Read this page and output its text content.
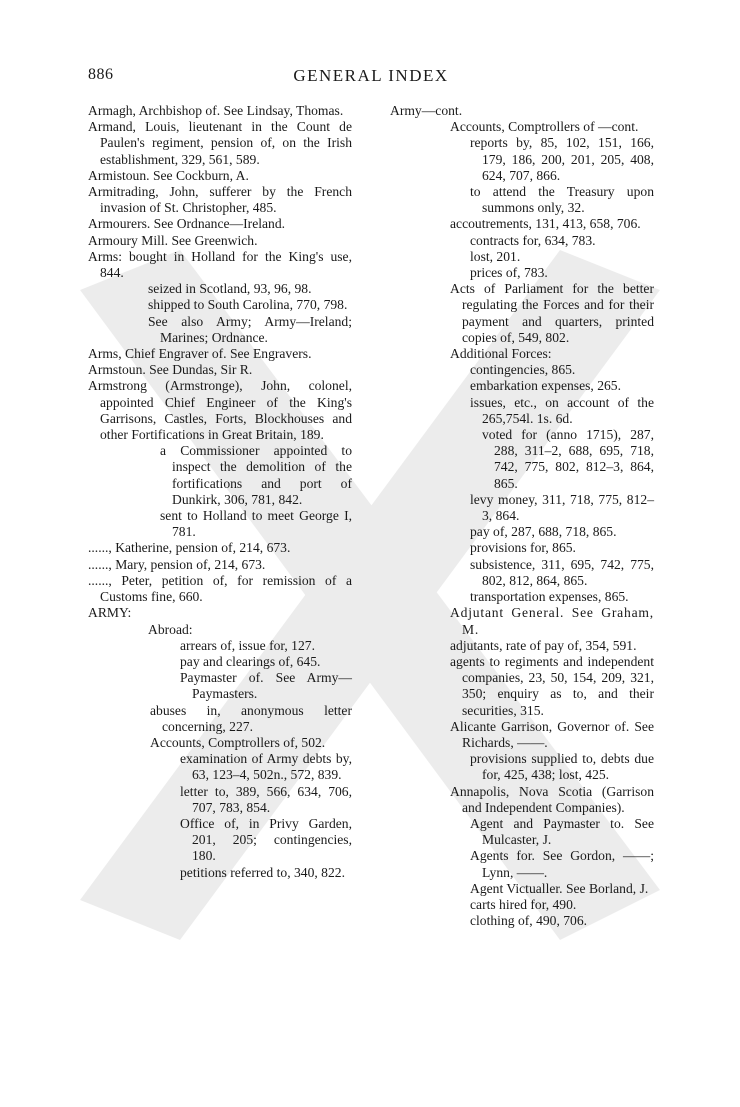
886	GENERAL INDEX

Armagh, Archbishop of. See Lindsay, Thomas.

Armand, Louis, lieutenant in the Count de Paulen's regiment, pension of, on the Irish establishment, 329, 561, 589.

Armistoun. See Cockburn, A.

Armitrading, John, sufferer by the French invasion of St. Christopher, 485.

Armourers. See Ordnance—Ireland.

Armoury Mill. See Greenwich.

Arms: bought in Holland for the King's use, 844.

seized in Scotland, 93, 96, 98.

shipped to South Carolina, 770, 798.

See also Army; Army—Ireland; Marines; Ordnance.

Arms, Chief Engraver of. See Engravers.

Armstoun. See Dundas, Sir R.

Armstrong (Armstronge), John, colonel, appointed Chief Engineer of the King's Garrisons, Castles, Forts, Blockhouses and other Fortifications in Great Britain, 189.

a Commissioner appointed to inspect the demolition of the fortifications and port of Dunkirk, 306, 781, 842.

sent to Holland to meet George I, 781.

......, Katherine, pension of, 214, 673.

......, Mary, pension of, 214, 673.

......, Peter, petition of, for remission of a Customs fine, 660.

ARMY:

Abroad:

arrears of, issue for, 127.

pay and clearings of, 645.

Paymaster of. See Army—Paymasters.

abuses in, anonymous letter concerning, 227.

Accounts, Comptrollers of, 502.

examination of Army debts by, 63, 123–4, 502n., 572, 839.

letter to, 389, 566, 634, 706, 707, 783, 854.

Office of, in Privy Garden, 201, 205; contingencies, 180.

petitions referred to, 340, 822.

Army—cont.

Accounts, Comptrollers of —cont.

reports by, 85, 102, 151, 166, 179, 186, 200, 201, 205, 408, 624, 707, 866.

to attend the Treasury upon summons only, 32.

accoutrements, 131, 413, 658, 706.

contracts for, 634, 783.

lost, 201.

prices of, 783.

Acts of Parliament for the better regulating the Forces and for their payment and quarters, printed copies of, 549, 802.

Additional Forces:

contingencies, 865.

embarkation expenses, 265.

issues, etc., on account of the 265,754l. 1s. 6d.

voted for (anno 1715), 287, 288, 311–2, 688, 695, 718, 742, 775, 802, 812–3, 864, 865.

levy money, 311, 718, 775, 812–3, 864.

pay of, 287, 688, 718, 865.

provisions for, 865.

subsistence, 311, 695, 742, 775, 802, 812, 864, 865.

transportation expenses, 865.

Adjutant General. See Graham, M.

adjutants, rate of pay of, 354, 591.

agents to regiments and independent companies, 23, 50, 154, 209, 321, 350; enquiry as to, and their securities, 315.

Alicante Garrison, Governor of. See Richards, ——.

provisions supplied to, debts due for, 425, 438; lost, 425.

Annapolis, Nova Scotia (Garrison and Independent Companies).

Agent and Paymaster to. See Mulcaster, J.

Agents for. See Gordon, ——; Lynn, ——.

Agent Victualler. See Borland, J.

carts hired for, 490.

clothing of, 490, 706.
